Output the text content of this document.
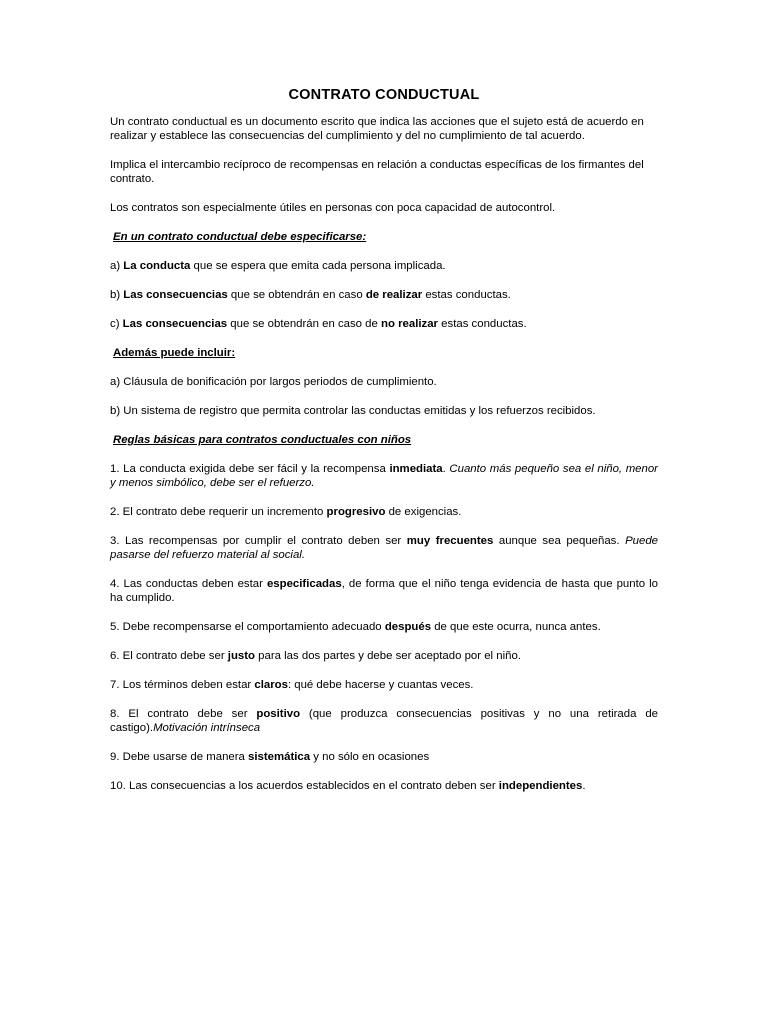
CONTRATO CONDUCTUAL

Un contrato conductual es un documento escrito que indica las acciones que el sujeto está de acuerdo en realizar y establece las consecuencias del cumplimiento y del no cumplimiento de tal acuerdo.

Implica el intercambio recíproco de recompensas en relación a conductas específicas de los firmantes del contrato.

Los contratos son especialmente útiles en personas con poca capacidad de autocontrol.

En un contrato conductual debe especificarse:

a) La conducta que se espera que emita cada persona implicada.

b) Las consecuencias que se obtendrán en caso de realizar estas conductas.

c) Las consecuencias que se obtendrán en caso de no realizar estas conductas.

Además puede incluir:

a) Cláusula de bonificación por largos periodos de cumplimiento.

b) Un sistema de registro que permita controlar las conductas emitidas y los refuerzos recibidos.

Reglas básicas para contratos conductuales con niños

1. La conducta exigida debe ser fácil y la recompensa inmediata. Cuanto más pequeño sea el niño, menor y menos simbólico, debe ser el refuerzo.

2. El contrato debe requerir un incremento progresivo de exigencias.

3. Las recompensas por cumplir el contrato deben ser muy frecuentes aunque sea pequeñas. Puede pasarse del refuerzo material al social.

4. Las conductas deben estar especificadas, de forma que el niño tenga evidencia de hasta que punto lo ha cumplido.

5. Debe recompensarse el comportamiento adecuado después de que este ocurra, nunca antes.

6. El contrato debe ser justo para las dos partes y debe ser aceptado por el niño.

7. Los términos deben estar claros: qué debe hacerse y cuantas veces.

8. El contrato debe ser positivo (que produzca consecuencias positivas y no una retirada de castigo).Motivación intrínseca

9. Debe usarse de manera sistemática y no sólo en ocasiones

10. Las consecuencias a los acuerdos establecidos en el contrato deben ser independientes.
